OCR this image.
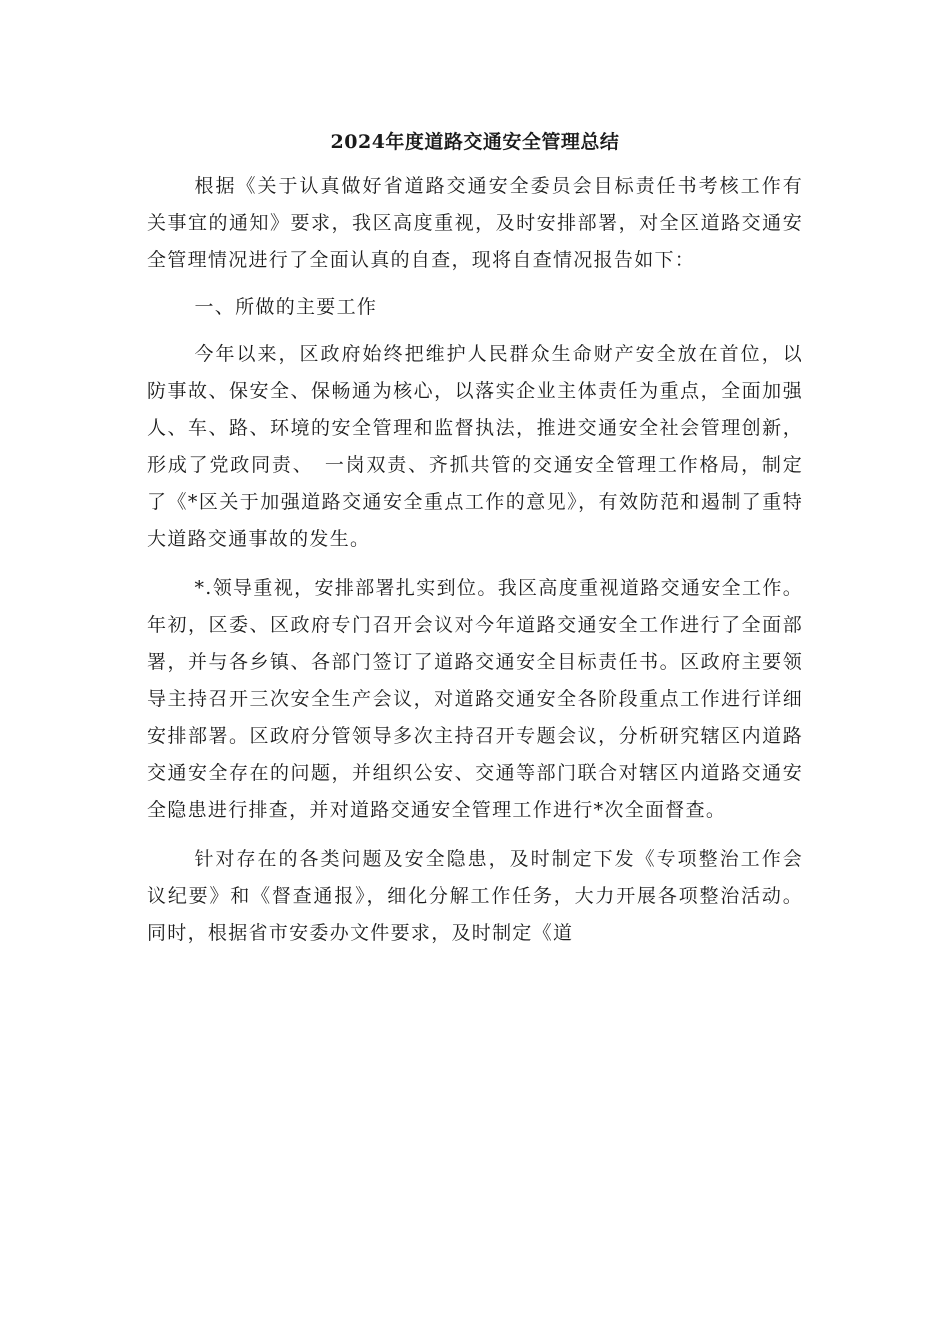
2024年度道路交通安全管理总结

根据《关于认真做好省道路交通安全委员会目标责任书考核工作有关事宜的通知》要求，我区高度重视，及时安排部署，对全区道路交通安全管理情况进行了全面认真的自查，现将自查情况报告如下：

一、所做的主要工作

今年以来，区政府始终把维护人民群众生命财产安全放在首位，以防事故、保安全、保畅通为核心，以落实企业主体责任为重点，全面加强人、车、路、环境的安全管理和监督执法，推进交通安全社会管理创新，形成了党政同责、　一岗双责、齐抓共管的交通安全管理工作格局，制定了《*区关于加强道路交通安全重点工作的意见》，有效防范和遏制了重特大道路交通事故的发生。

*.领导重视，安排部署扎实到位。我区高度重视道路交通安全工作。年初，区委、区政府专门召开会议对今年道路交通安全工作进行了全面部署，并与各乡镇、各部门签订了道路交通安全目标责任书。区政府主要领导主持召开三次安全生产会议，对道路交通安全各阶段重点工作进行详细安排部署。区政府分管领导多次主持召开专题会议，分析研究辖区内道路交通安全存在的问题，并组织公安、交通等部门联合对辖区内道路交通安全隐患进行排查，并对道路交通安全管理工作进行*次全面督查。

针对存在的各类问题及安全隐患，及时制定下发《专项整治工作会议纪要》和《督查通报》，细化分解工作任务，大力开展各项整治活动。同时，根据省市安委办文件要求，及时制定《道
